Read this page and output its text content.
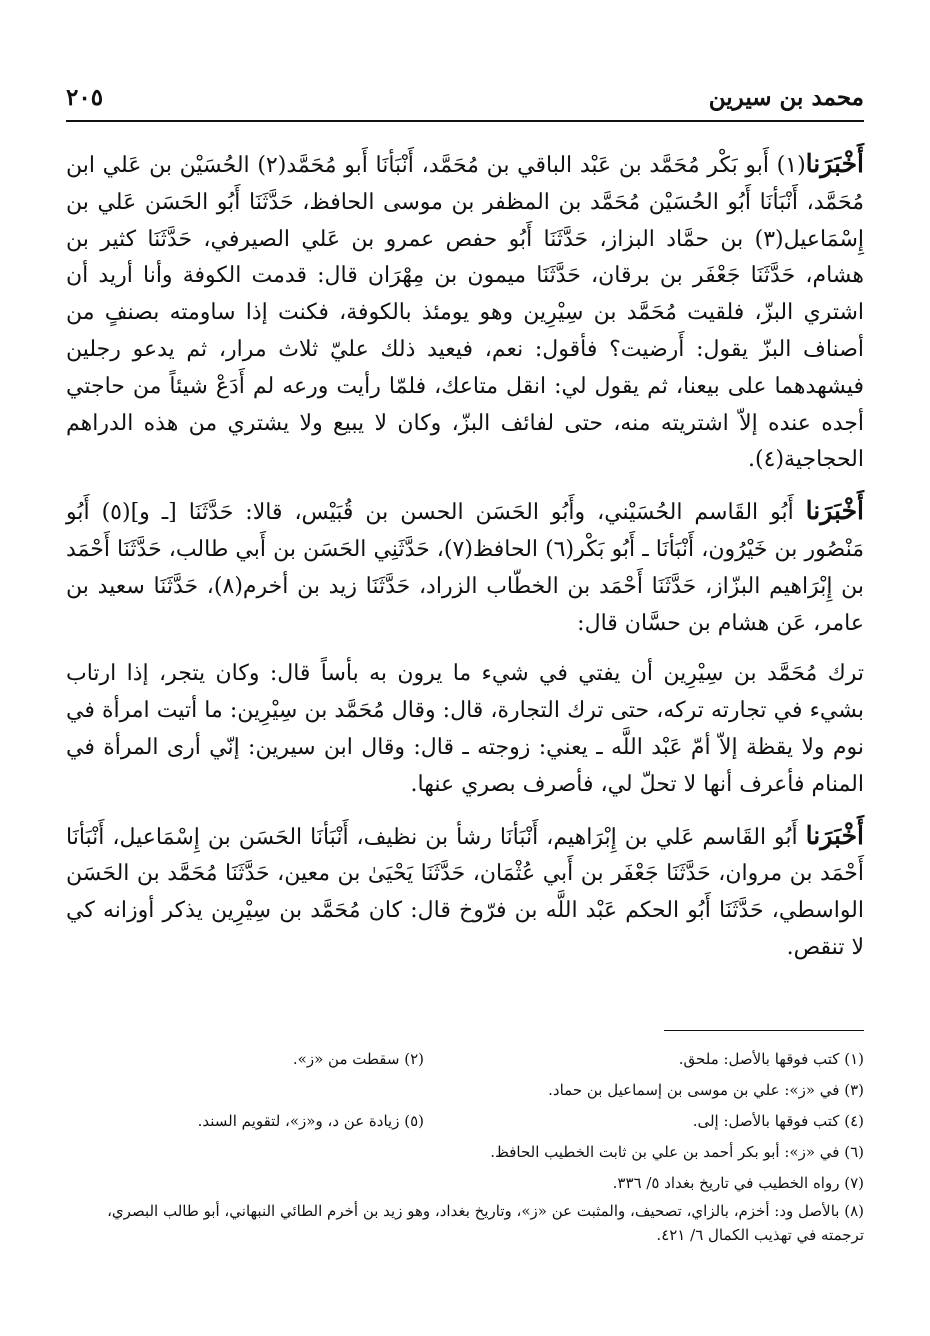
محمد بن سيرين
٢٠٥

أَخْبَرَنا(١) أَبو بَكْر مُحَمَّد بن عَبْد الباقي بن مُحَمَّد، أَنْبَأنَا أَبو مُحَمَّد(٢) الحُسَيْن بن عَلي ابن مُحَمَّد، أَنْبَأنَا أَبُو الحُسَيْن مُحَمَّد بن المظفر بن موسى الحافظ، حَدَّثَنَا أَبُو الحَسَن عَلي بن إِسْمَاعيل(٣) بن حمَّاد البزاز، حَدَّثَنَا أَبُو حفص عمرو بن عَلي الصيرفي، حَدَّثَنَا كثير بن هشام، حَدَّثَنَا جَعْفَر بن برقان، حَدَّثَنَا ميمون بن مِهْرَان قال: قدمت الكوفة وأنا أريد أن اشتري البزّ، فلقيت مُحَمَّد بن سِيْرِين وهو يومئذ بالكوفة، فكنت إذا ساومته بصنفٍ من أصناف البزّ يقول: أَرضيت؟ فأقول: نعم، فيعيد ذلك عليّ ثلاث مرار، ثم يدعو رجلين فيشهدهما على بيعنا، ثم يقول لي: انقل متاعك، فلمّا رأيت ورعه لم أَدَعْ شيئاً من حاجتي أجده عنده إلاّ اشتريته منه، حتى لفائف البزّ، وكان لا يبيع ولا يشتري من هذه الدراهم الحجاجية(٤).

أَخْبَرَنا أَبُو القَاسم الحُسَيْني، وأَبُو الحَسَن الحسن بن قُبَيْس، قالا: حَدَّثَنَا [ـ و](٥) أَبُو مَنْصُور بن خَيْرُون، أَنْبَأنَا ـ أَبُو بَكْر(٦) الحافظ(٧)، حَدَّثَنِي الحَسَن بن أَبي طالب، حَدَّثَنَا أَحْمَد بن إِبْرَاهيم البزّاز، حَدَّثَنَا أَحْمَد بن الخطّاب الزراد، حَدَّثَنَا زيد بن أخرم(٨)، حَدَّثَنَا سعيد بن عامر، عَن هشام بن حسَّان قال:

ترك مُحَمَّد بن سِيْرِين أن يفتي في شيء ما يرون به بأساً قال: وكان يتجر، إذا ارتاب بشيء في تجارته تركه، حتى ترك التجارة، قال: وقال مُحَمَّد بن سِيْرِين: ما أتيت امرأة في نوم ولا يقظة إلاّ أمّ عَبْد اللَّه ـ يعني: زوجته ـ قال: وقال ابن سيرين: إنّي أرى المرأة في المنام فأعرف أنها لا تحلّ لي، فأصرف بصري عنها.

أَخْبَرَنا أَبُو القَاسم عَلي بن إِبْرَاهيم، أَنْبَأنَا رشأ بن نظيف، أَنْبَأنَا الحَسَن بن إِسْمَاعيل، أَنْبَأنَا أَحْمَد بن مروان، حَدَّثَنَا جَعْفَر بن أَبي عُثْمَان، حَدَّثَنَا يَحْيَىٰ بن معين، حَدَّثَنَا مُحَمَّد بن الحَسَن الواسطي، حَدَّثَنَا أَبُو الحكم عَبْد اللَّه بن فرّوخ قال: كان مُحَمَّد بن سِيْرِين يذكر أوزانه كي لا تنقص.

(١) كتب فوقها بالأصل: ملحق.
(٢) سقطت من «ز».
(٣) في «ز»: علي بن موسى بن إسماعيل بن حماد.
(٤) كتب فوقها بالأصل: إلى.
(٥) زيادة عن د، و«ز»، لتقويم السند.
(٦) في «ز»: أبو بكر أحمد بن علي بن ثابت الخطيب الحافظ.
(٧) رواه الخطيب في تاريخ بغداد ٥/ ٣٣٦.
(٨) بالأصل ود: أخزم، بالزاي، تصحيف، والمثبت عن «ز»، وتاريخ بغداد، وهو زيد بن أخرم الطائي النبهاني، أبو طالب البصري، ترجمته في تهذيب الكمال ٦/ ٤٢١.
